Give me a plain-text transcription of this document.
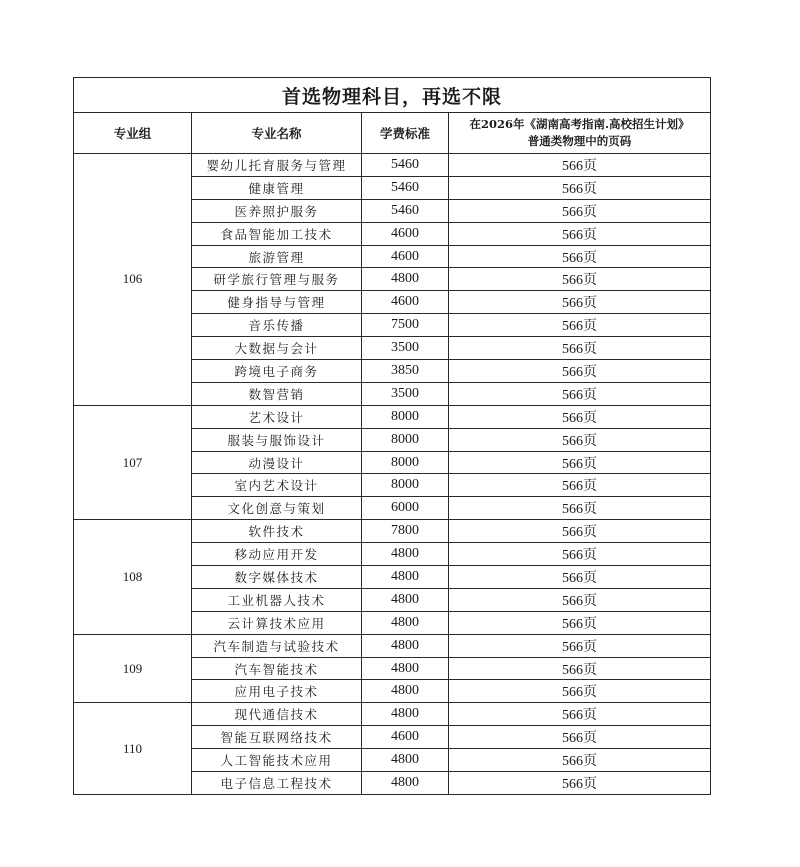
首选物理科目，再选不限			
专业组	专业名称	学费标准	在2026年《湖南高考指南.高校招生计划》
普通类物理中的页码

106	婴幼儿托育服务与管理	5460	566页
	健康管理	5460	566页
	医养照护服务	5460	566页
	食品智能加工技术	4600	566页
	旅游管理	4600	566页
	研学旅行管理与服务	4800	566页
	健身指导与管理	4600	566页
	音乐传播	7500	566页
	大数据与会计	3500	566页
	跨境电子商务	3850	566页
	数智营销	3500	566页
107	艺术设计	8000	566页
	服装与服饰设计	8000	566页
	动漫设计	8000	566页
	室内艺术设计	8000	566页
	文化创意与策划	6000	566页
108	软件技术	7800	566页
	移动应用开发	4800	566页
	数字媒体技术	4800	566页
	工业机器人技术	4800	566页
	云计算技术应用	4800	566页
109	汽车制造与试验技术	4800	566页
	汽车智能技术	4800	566页
	应用电子技术	4800	566页
110	现代通信技术	4800	566页
	智能互联网络技术	4600	566页
	人工智能技术应用	4800	566页
	电子信息工程技术	4800	566页
